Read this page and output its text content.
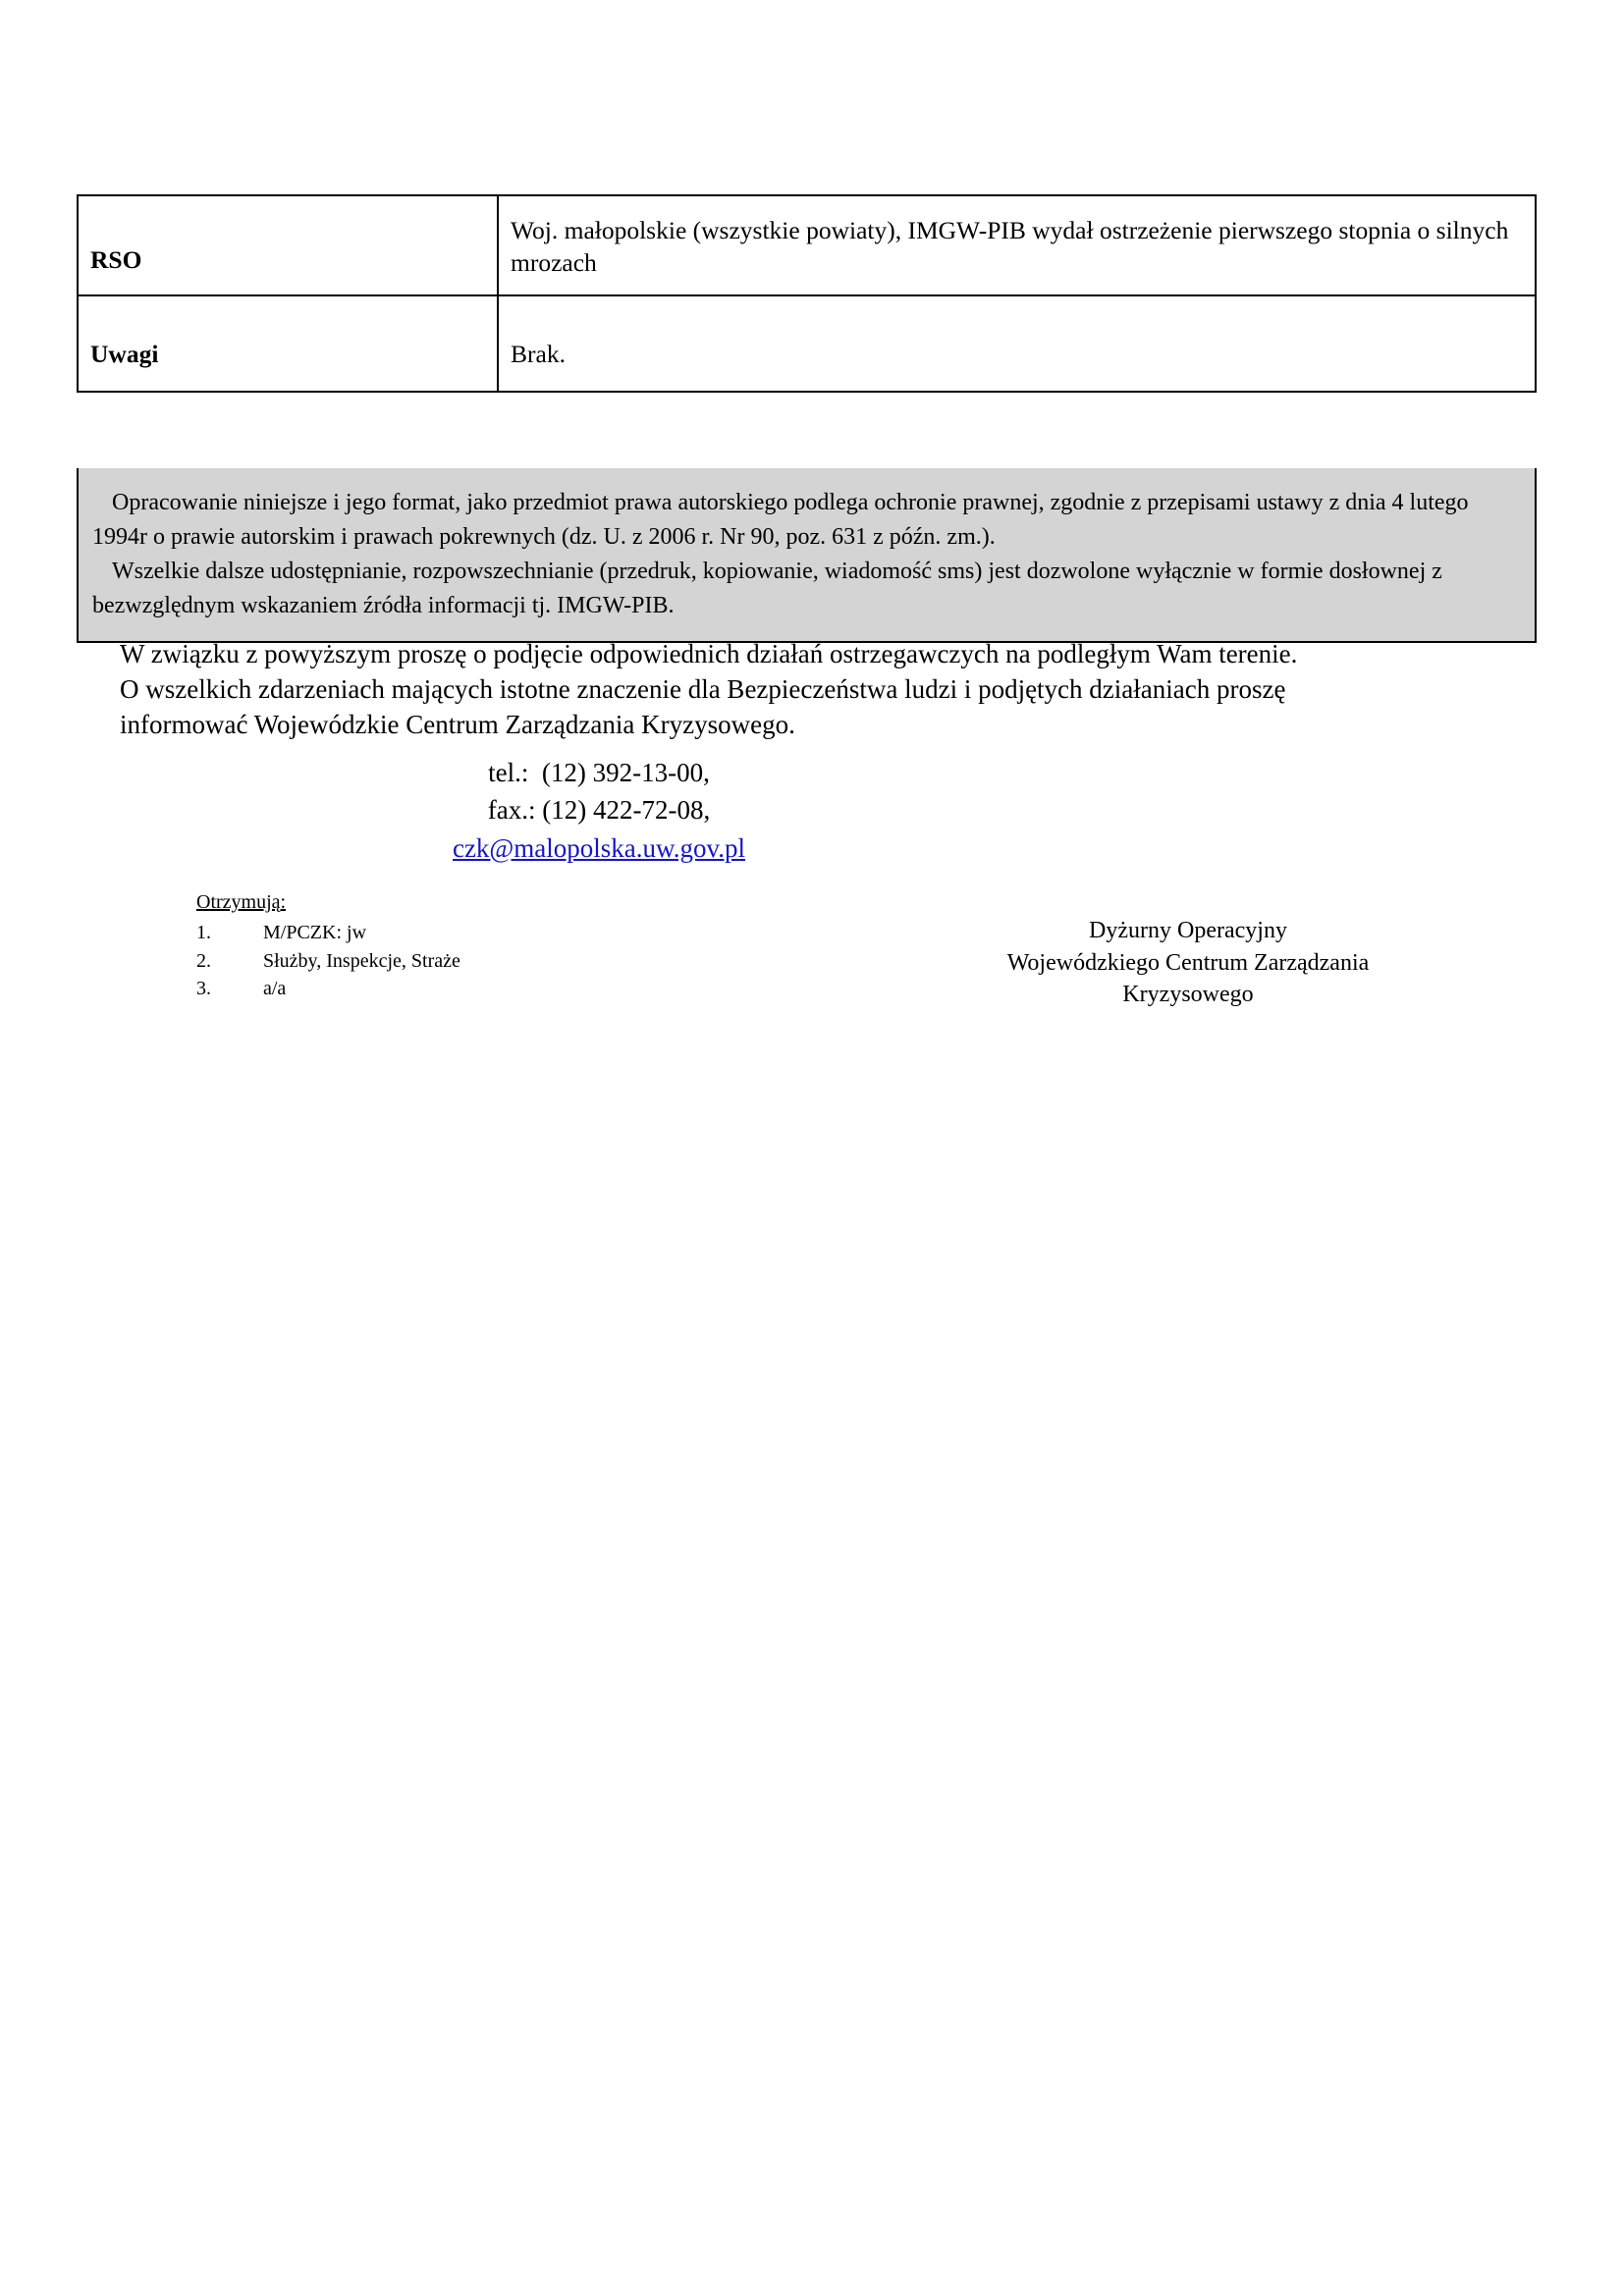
RSO	Woj. małopolskie (wszystkie powiaty), IMGW-PIB wydał ostrzeżenie pierwszego stopnia o silnych mrozach

Uwagi	Brak.

Opracowanie niniejsze i jego format, jako przedmiot prawa autorskiego podlega ochronie prawnej, zgodnie z przepisami ustawy z dnia 4 lutego 1994r o prawie autorskim i prawach pokrewnych (dz. U. z 2006 r. Nr 90, poz. 631 z późn. zm.).

Wszelkie dalsze udostępnianie, rozpowszechnianie (przedruk, kopiowanie, wiadomość sms) jest dozwolone wyłącznie w formie dosłownej z bezwzględnym wskazaniem źródła informacji tj. IMGW-PIB.

W związku z powyższym proszę o podjęcie odpowiednich działań ostrzegawczych na podległym Wam terenie.

O wszelkich zdarzeniach mających istotne znaczenie dla Bezpieczeństwa ludzi i podjętych działaniach proszę

informować Wojewódzkie Centrum Zarządzania Kryzysowego.

tel.:  (12) 392-13-00,
fax.: (12) 422-72-08,
czk@malopolska.uw.gov.pl
Otrzymują:
1.	M/PCZK: jw
2.	Służby, Inspekcje, Straże
3.	a/a
Dyżurny Operacyjny
Wojewódzkiego Centrum Zarządzania
Kryzysowego
